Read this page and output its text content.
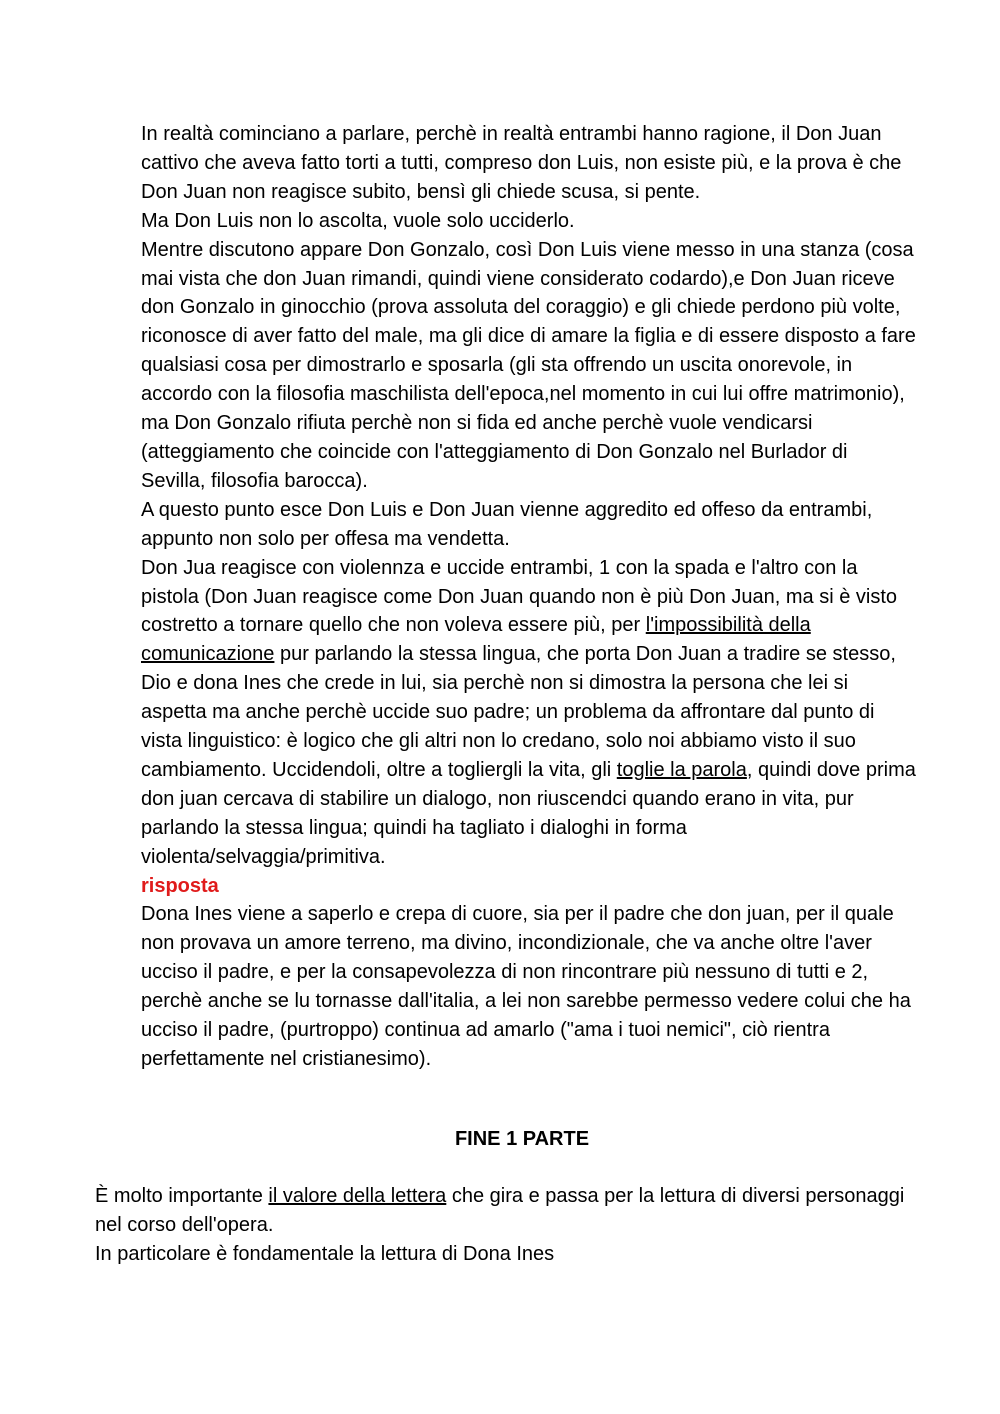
In realtà cominciano a parlare, perchè in realtà entrambi hanno ragione, il Don Juan cattivo che aveva fatto torti a tutti, compreso don Luis, non esiste più, e la prova è che Don Juan non reagisce subito, bensì gli chiede scusa, si pente.

Ma Don Luis non lo ascolta, vuole solo ucciderlo.

Mentre discutono appare Don Gonzalo, così Don Luis viene messo in una stanza (cosa mai vista che don Juan rimandi, quindi viene considerato codardo),e Don Juan riceve don Gonzalo in ginocchio (prova assoluta del coraggio) e gli chiede perdono più volte, riconosce di aver fatto del male, ma gli dice di amare la figlia e di essere disposto a fare qualsiasi cosa per dimostrarlo e sposarla (gli sta offrendo un uscita onorevole, in accordo con la filosofia maschilista dell'epoca,nel momento in cui lui offre matrimonio), ma Don Gonzalo rifiuta perchè non si fida ed anche perchè vuole vendicarsi (atteggiamento che coincide con l'atteggiamento di Don Gonzalo nel Burlador di Sevilla, filosofia barocca).

A questo punto esce Don Luis e Don Juan vienne aggredito ed offeso da entrambi, appunto non solo per offesa ma vendetta.

Don Jua reagisce con violennza e uccide entrambi, 1 con la spada e l'altro con la pistola (Don Juan reagisce come Don Juan quando non è più Don Juan, ma si è visto costretto a tornare quello che non voleva essere più, per l'impossibilità della comunicazione pur parlando la stessa lingua, che porta Don Juan a tradire se stesso, Dio e dona Ines che crede in lui, sia perchè non si dimostra la persona che lei si aspetta ma anche perchè uccide suo padre; un problema da affrontare dal punto di vista linguistico: è logico che gli altri non lo credano, solo noi abbiamo visto il suo cambiamento. Uccidendoli, oltre a togliergli la vita, gli toglie la parola, quindi dove prima don juan cercava di stabilire un dialogo, non riuscendci quando erano in vita, pur parlando la stessa lingua; quindi ha tagliato i dialoghi in forma violenta/selvaggia/primitiva.

risposta

Dona Ines viene a saperlo e crepa di cuore, sia per il padre che don juan, per il quale non provava un amore terreno, ma divino, incondizionale, che va anche oltre l'aver ucciso il padre, e per la consapevolezza di non rincontrare più nessuno di tutti e 2, perchè anche se lu tornasse dall'italia, a lei non sarebbe permesso vedere colui che ha ucciso il padre, (purtroppo) continua ad amarlo ("ama i tuoi nemici", ciò rientra perfettamente nel cristianesimo).

FINE 1 PARTE

È molto importante il valore della lettera che gira e passa per la lettura di diversi personaggi nel corso dell'opera.

In particolare è fondamentale la lettura di Dona Ines
